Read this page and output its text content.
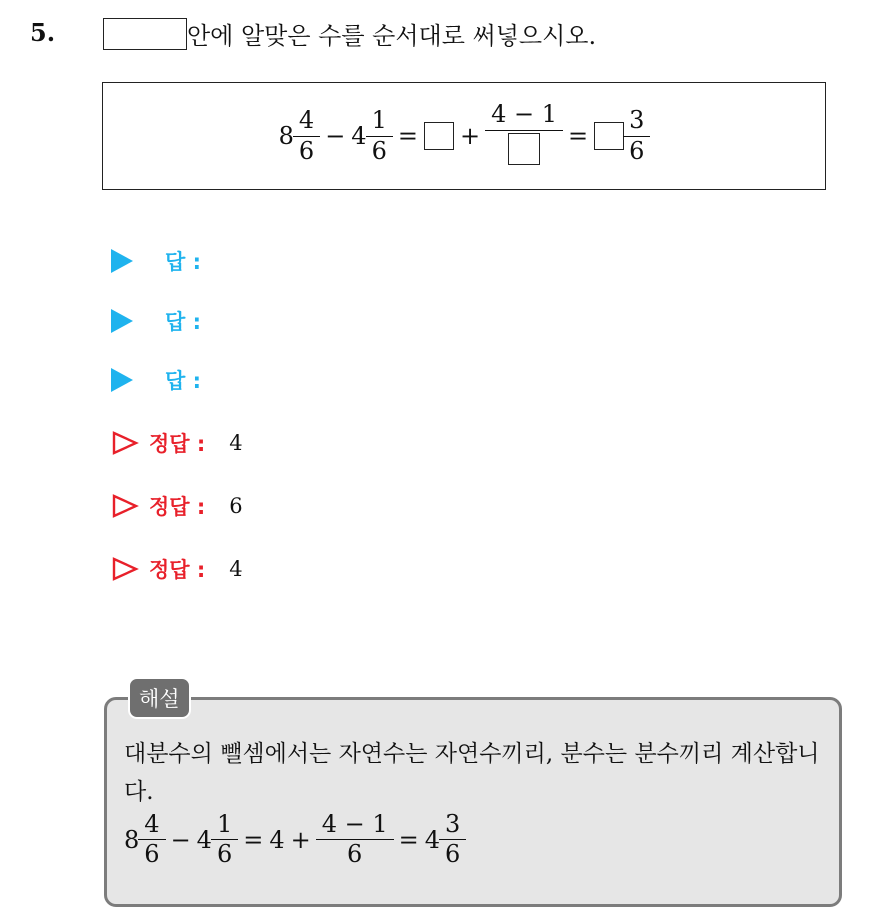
5.	안에 알맞은 수를 순서대로 써넣으시오.
$8 \frac{4}{6} - 4 \frac{1}{6}$ = +
4 − 1
= $\frac{3}{6}$
답 :
답 :
답 :
정답 : 4
정답 : 6
정답 : 4
해설
대분수의 뺄셈에서는 자연수는 자연수끼리, 분수는 분수끼리 계산합니다.
$8 \frac{4}{6} - 4 \frac{1}{6} = 4 + \frac{4 - 1}{6} = 4 \frac{3}{6}$
